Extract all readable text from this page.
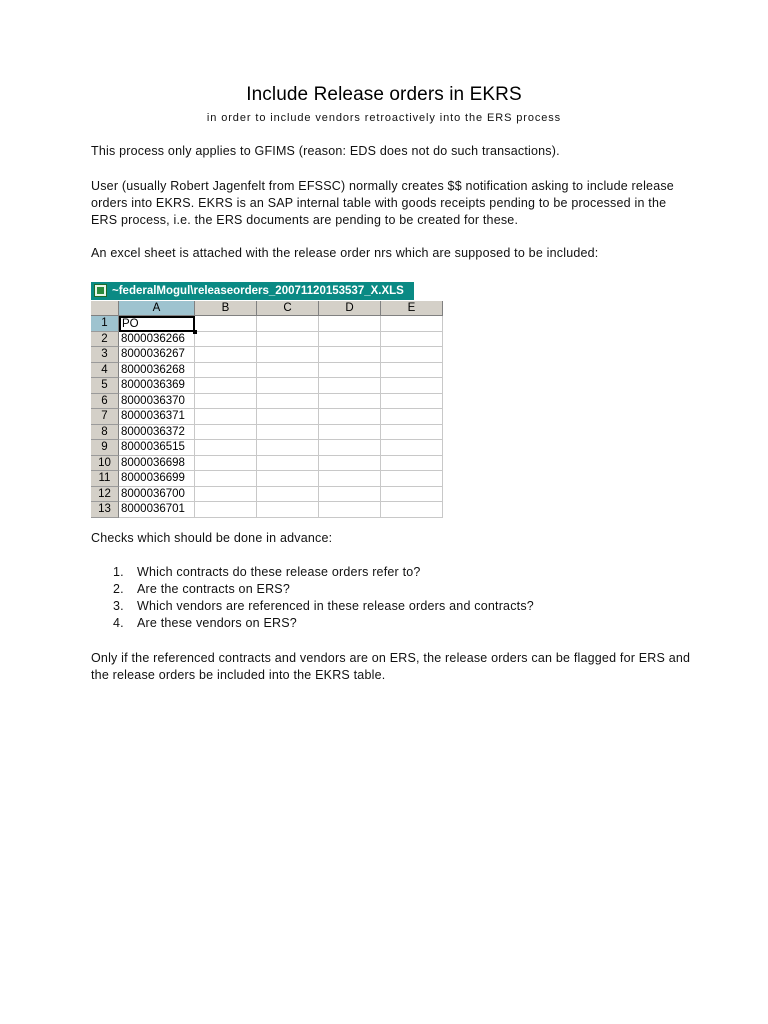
Include Release orders in EKRS
in order to include vendors retroactively into the ERS process
This process only applies to GFIMS (reason: EDS does not do such transactions).
User (usually Robert Jagenfelt from EFSSC) normally creates $$ notification asking to include release orders into EKRS. EKRS is an SAP internal table with goods receipts pending to be processed in the ERS process, i.e. the ERS documents are pending to be created for these.
An excel sheet is attached with the release order nrs which are supposed to be included:
~federalMogul\releaseorders_20071120153537_X.XLS
A	B	C	D	E
1	PO
2	8000036266
3	8000036267
4	8000036268
5	8000036369
6	8000036370
7	8000036371
8	8000036372
9	8000036515
10 8000036698
11 8000036699
12 8000036700
13 8000036701
Checks which should be done in advance:
1. Which contracts do these release orders refer to?
2. Are the contracts on ERS?
3. Which vendors are referenced in these release orders and contracts?
4. Are these vendors on ERS?
Only if the referenced contracts and vendors are on ERS, the release orders can be flagged for ERS and the release orders be included into the EKRS table.
